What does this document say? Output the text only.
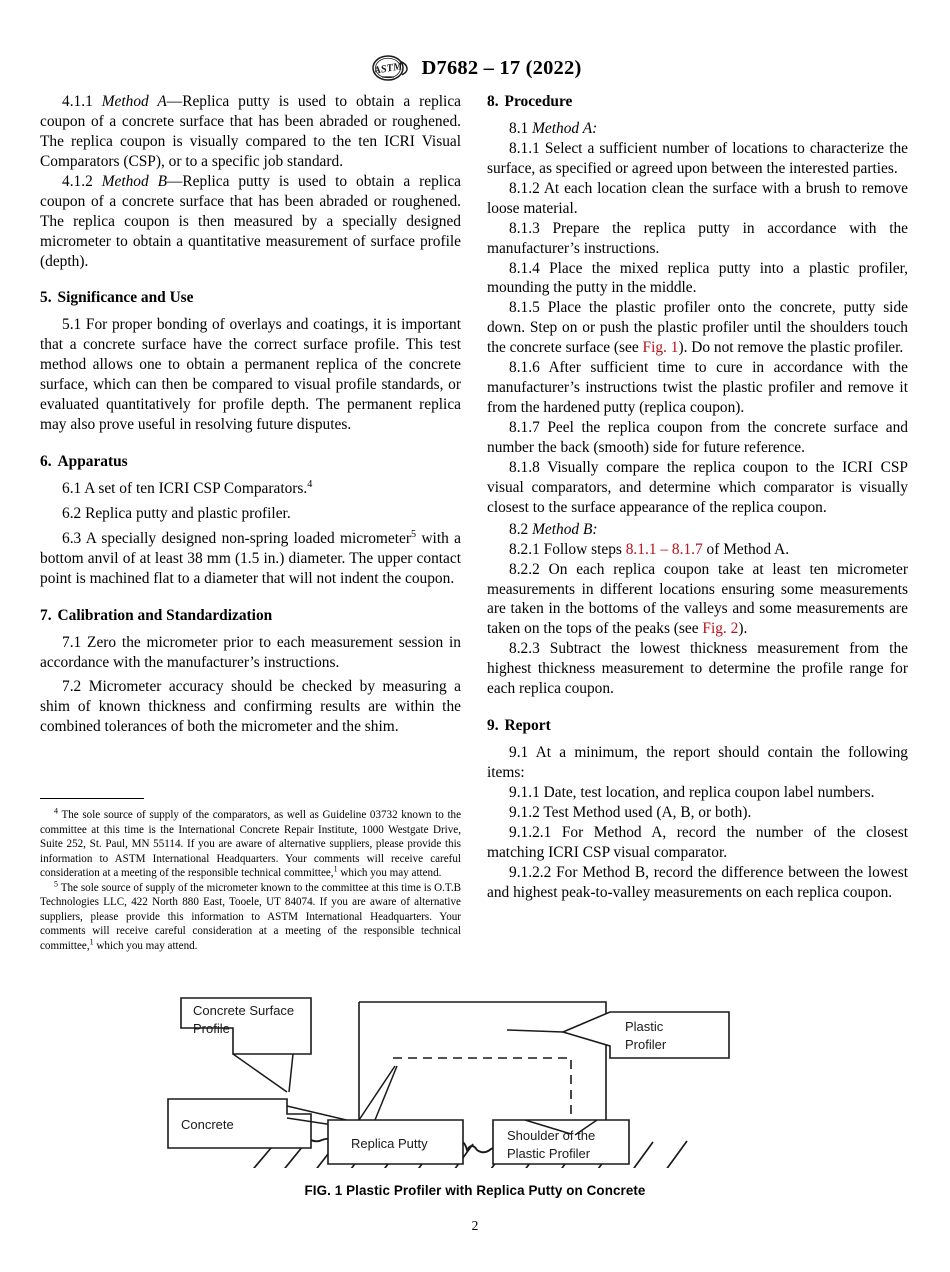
ASTM D7682 – 17 (2022)

4.1.1 Method A—Replica putty is used to obtain a replica coupon of a concrete surface that has been abraded or roughened. The replica coupon is visually compared to the ten ICRI Visual Comparators (CSP), or to a specific job standard.

4.1.2 Method B—Replica putty is used to obtain a replica coupon of a concrete surface that has been abraded or roughened. The replica coupon is then measured by a specially designed micrometer to obtain a quantitative measurement of surface profile (depth).

5. Significance and Use

5.1 For proper bonding of overlays and coatings, it is important that a concrete surface have the correct surface profile. This test method allows one to obtain a permanent replica of the concrete surface, which can then be compared to visual profile standards, or evaluated quantitatively for profile depth. The permanent replica may also prove useful in resolving future disputes.

6. Apparatus

6.1 A set of ten ICRI CSP Comparators.$^4$

6.2 Replica putty and plastic profiler.

6.3 A specially designed non-spring loaded micrometer$^5$ with a bottom anvil of at least 38 mm (1.5 in.) diameter. The upper contact point is machined flat to a diameter that will not indent the coupon.

7. Calibration and Standardization

7.1 Zero the micrometer prior to each measurement session in accordance with the manufacturer’s instructions.

7.2 Micrometer accuracy should be checked by measuring a shim of known thickness and confirming results are within the combined tolerances of both the micrometer and the shim.

8. Procedure

8.1 Method A:

8.1.1 Select a sufficient number of locations to characterize the surface, as specified or agreed upon between the interested parties.

8.1.2 At each location clean the surface with a brush to remove loose material.

8.1.3 Prepare the replica putty in accordance with the manufacturer’s instructions.

8.1.4 Place the mixed replica putty into a plastic profiler, mounding the putty in the middle.

8.1.5 Place the plastic profiler onto the concrete, putty side down. Step on or push the plastic profiler until the shoulders touch the concrete surface (see Fig. 1). Do not remove the plastic profiler.

8.1.6 After sufficient time to cure in accordance with the manufacturer’s instructions twist the plastic profiler and remove it from the hardened putty (replica coupon).

8.1.7 Peel the replica coupon from the concrete surface and number the back (smooth) side for future reference.

8.1.8 Visually compare the replica coupon to the ICRI CSP visual comparators, and determine which comparator is visually closest to the surface appearance of the replica coupon.

8.2 Method B:

8.2.1 Follow steps 8.1.1 – 8.1.7 of Method A.

8.2.2 On each replica coupon take at least ten micrometer measurements in different locations ensuring some measurements are taken in the bottoms of the valleys and some measurements are taken on the tops of the peaks (see Fig. 2).

8.2.3 Subtract the lowest thickness measurement from the highest thickness measurement to determine the profile range for each replica coupon.

9. Report

9.1 At a minimum, the report should contain the following items:

9.1.1 Date, test location, and replica coupon label numbers.

9.1.2 Test Method used (A, B, or both).

9.1.2.1 For Method A, record the number of the closest matching ICRI CSP visual comparator.

9.1.2.2 For Method B, record the difference between the lowest and highest peak-to-valley measurements on each replica coupon.

$^4$ The sole source of supply of the comparators, as well as Guideline 03732 known to the committee at this time is the International Concrete Repair Institute, 1000 Westgate Drive, Suite 252, St. Paul, MN 55114. If you are aware of alternative suppliers, please provide this information to ASTM International Headquarters. Your comments will receive careful consideration at a meeting of the responsible technical committee,$^1$ which you may attend.

$^5$ The sole source of supply of the micrometer known to the committee at this time is O.T.B Technologies LLC, 422 North 880 East, Tooele, UT 84074. If you are aware of alternative suppliers, please provide this information to ASTM International Headquarters. Your comments will receive careful consideration at a meeting of the responsible technical committee,$^1$ which you may attend.

Concrete Surface
Profile
Concrete
Plastic
Profiler
Replica Putty
Shoulder of the
Plastic Profiler

FIG. 1 Plastic Profiler with Replica Putty on Concrete

2
